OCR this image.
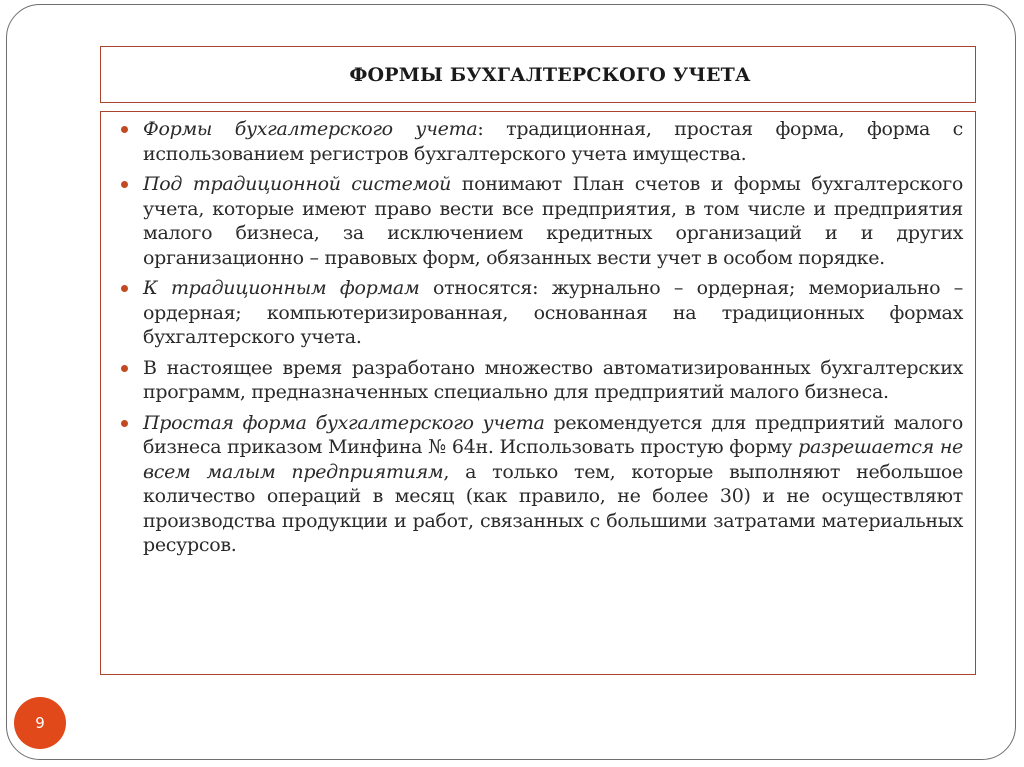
ФОРМЫ БУХГАЛТЕРСКОГО УЧЕТА
Формы бухгалтерского учета: традиционная, простая форма, форма с использованием регистров бухгалтерского учета имущества.
Под традиционной системой понимают План счетов и формы бухгалтерского учета, которые имеют право вести все предприятия, в том числе и предприятия малого бизнеса, за исключением кредитных организаций и и других организационно – правовых форм, обязанных вести учет в особом порядке.
К традиционным формам относятся: журнально – ордерная; мемориально – ордерная; компьютеризированная, основанная на традиционных формах бухгалтерского учета.
В настоящее время разработано множество автоматизированных бухгалтерских программ, предназначенных специально для предприятий малого бизнеса.
Простая форма бухгалтерского учета рекомендуется для предприятий малого бизнеса приказом Минфина № 64н. Использовать простую форму разрешается не всем малым предприятиям, а только тем, которые выполняют небольшое количество операций в месяц (как правило, не более 30) и не осуществляют производства продукции и работ, связанных с большими затратами материальных ресурсов.
9
